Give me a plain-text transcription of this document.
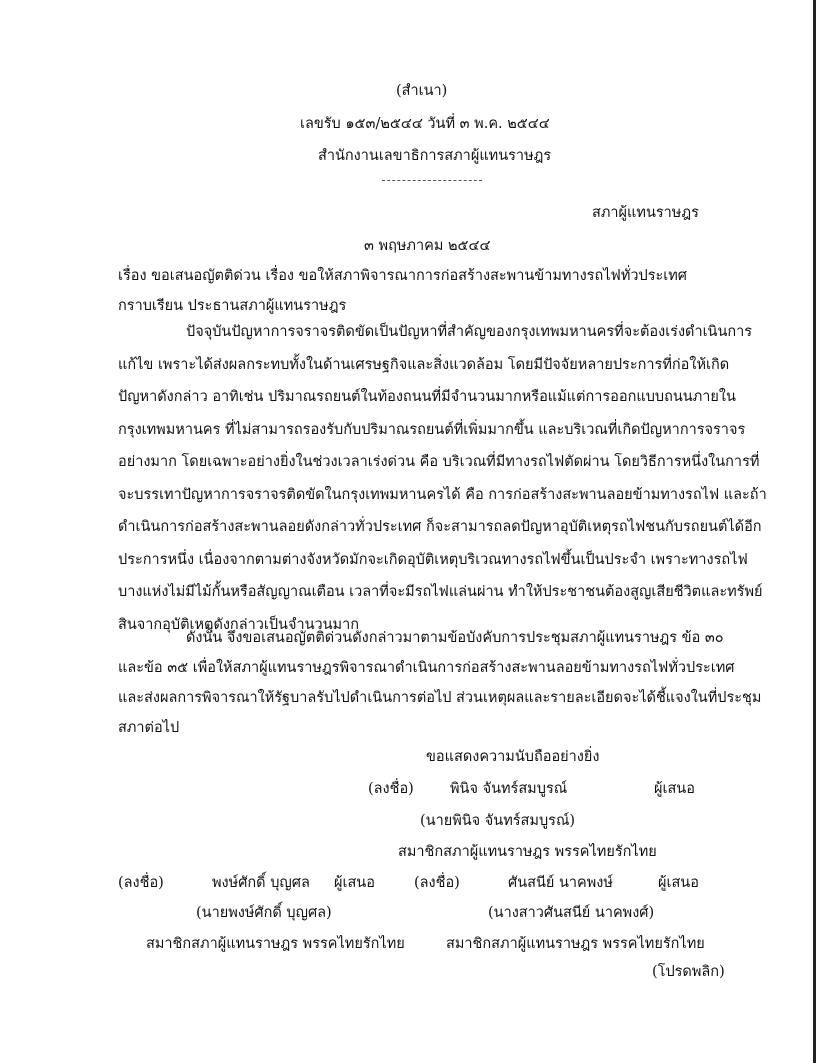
(สำเนา)
เลขรับ ๑๕๓/๒๕๔๔ วันที่ ๓ พ.ค. ๒๕๔๔
สำนักงานเลขาธิการสภาผู้แทนราษฎร
สภาผู้แทนราษฎร
๓ พฤษภาคม ๒๕๔๔
เรื่อง ขอเสนอญัตติด่วน เรื่อง ขอให้สภาพิจารณาการก่อสร้างสะพานข้ามทางรถไฟทั่วประเทศ
กราบเรียน ประธานสภาผู้แทนราษฎร
ปัจจุบันปัญหาการจราจรติดขัดเป็นปัญหาที่สำคัญของกรุงเทพมหานครที่จะต้องเร่งดำเนินการ
แก้ไข เพราะได้ส่งผลกระทบทั้งในด้านเศรษฐกิจและสิ่งแวดล้อม โดยมีปัจจัยหลายประการที่ก่อให้เกิด
ปัญหาดังกล่าว อาทิเช่น ปริมาณรถยนต์ในท้องถนนที่มีจำนวนมากหรือแม้แต่การออกแบบถนนภายใน
กรุงเทพมหานคร ที่ไม่สามารถรองรับกับปริมาณรถยนต์ที่เพิ่มมากขึ้น และบริเวณที่เกิดปัญหาการจราจร
อย่างมาก โดยเฉพาะอย่างยิ่งในช่วงเวลาเร่งด่วน คือ บริเวณที่มีทางรถไฟตัดผ่าน โดยวิธีการหนึ่งในการที่
จะบรรเทาปัญหาการจราจรติดขัดในกรุงเทพมหานครได้ คือ การก่อสร้างสะพานลอยข้ามทางรถไฟ และถ้า
ดำเนินการก่อสร้างสะพานลอยดังกล่าวทั่วประเทศ ก็จะสามารถลดปัญหาอุบัติเหตุรถไฟชนกับรถยนต์ได้อีก
ประการหนึ่ง เนื่องจากตามต่างจังหวัดมักจะเกิดอุบัติเหตุบริเวณทางรถไฟขึ้นเป็นประจำ เพราะทางรถไฟ
บางแห่งไม่มีไม้กั้นหรือสัญญาณเตือน เวลาที่จะมีรถไฟแล่นผ่าน ทำให้ประชาชนต้องสูญเสียชีวิตและทรัพย์
สินจากอุบัติเหตุดังกล่าวเป็นจำนวนมาก
ดังนั้น จึงขอเสนอญัตติด่วนดังกล่าวมาตามข้อบังคับการประชุมสภาผู้แทนราษฎร ข้อ ๓๐
และข้อ ๓๕ เพื่อให้สภาผู้แทนราษฎรพิจารณาดำเนินการก่อสร้างสะพานลอยข้ามทางรถไฟทั่วประเทศ
และส่งผลการพิจารณาให้รัฐบาลรับไปดำเนินการต่อไป ส่วนเหตุผลและรายละเอียดจะได้ชี้แจงในที่ประชุม
สภาต่อไป
ขอแสดงความนับถืออย่างยิ่ง
(ลงชื่อ) พินิจ จันทร์สมบูรณ์	ผู้เสนอ
(นายพินิจ จันทร์สมบูรณ์)
สมาชิกสภาผู้แทนราษฎร พรรคไทยรักไทย
(ลงชื่อ)	พงษ์ศักดิ์ บุญศล ผู้เสนอ
(นายพงษ์ศักดิ์ บุญศล)
สมาชิกสภาผู้แทนราษฎร พรรคไทยรักไทย
(ลงชื่อ)	ศันสนีย์ นาคพงษ์	ผู้เสนอ
(นางสาวศันสนีย์ นาคพงศ์)
สมาชิกสภาผู้แทนราษฎร พรรคไทยรักไทย
(โปรดพลิก)
